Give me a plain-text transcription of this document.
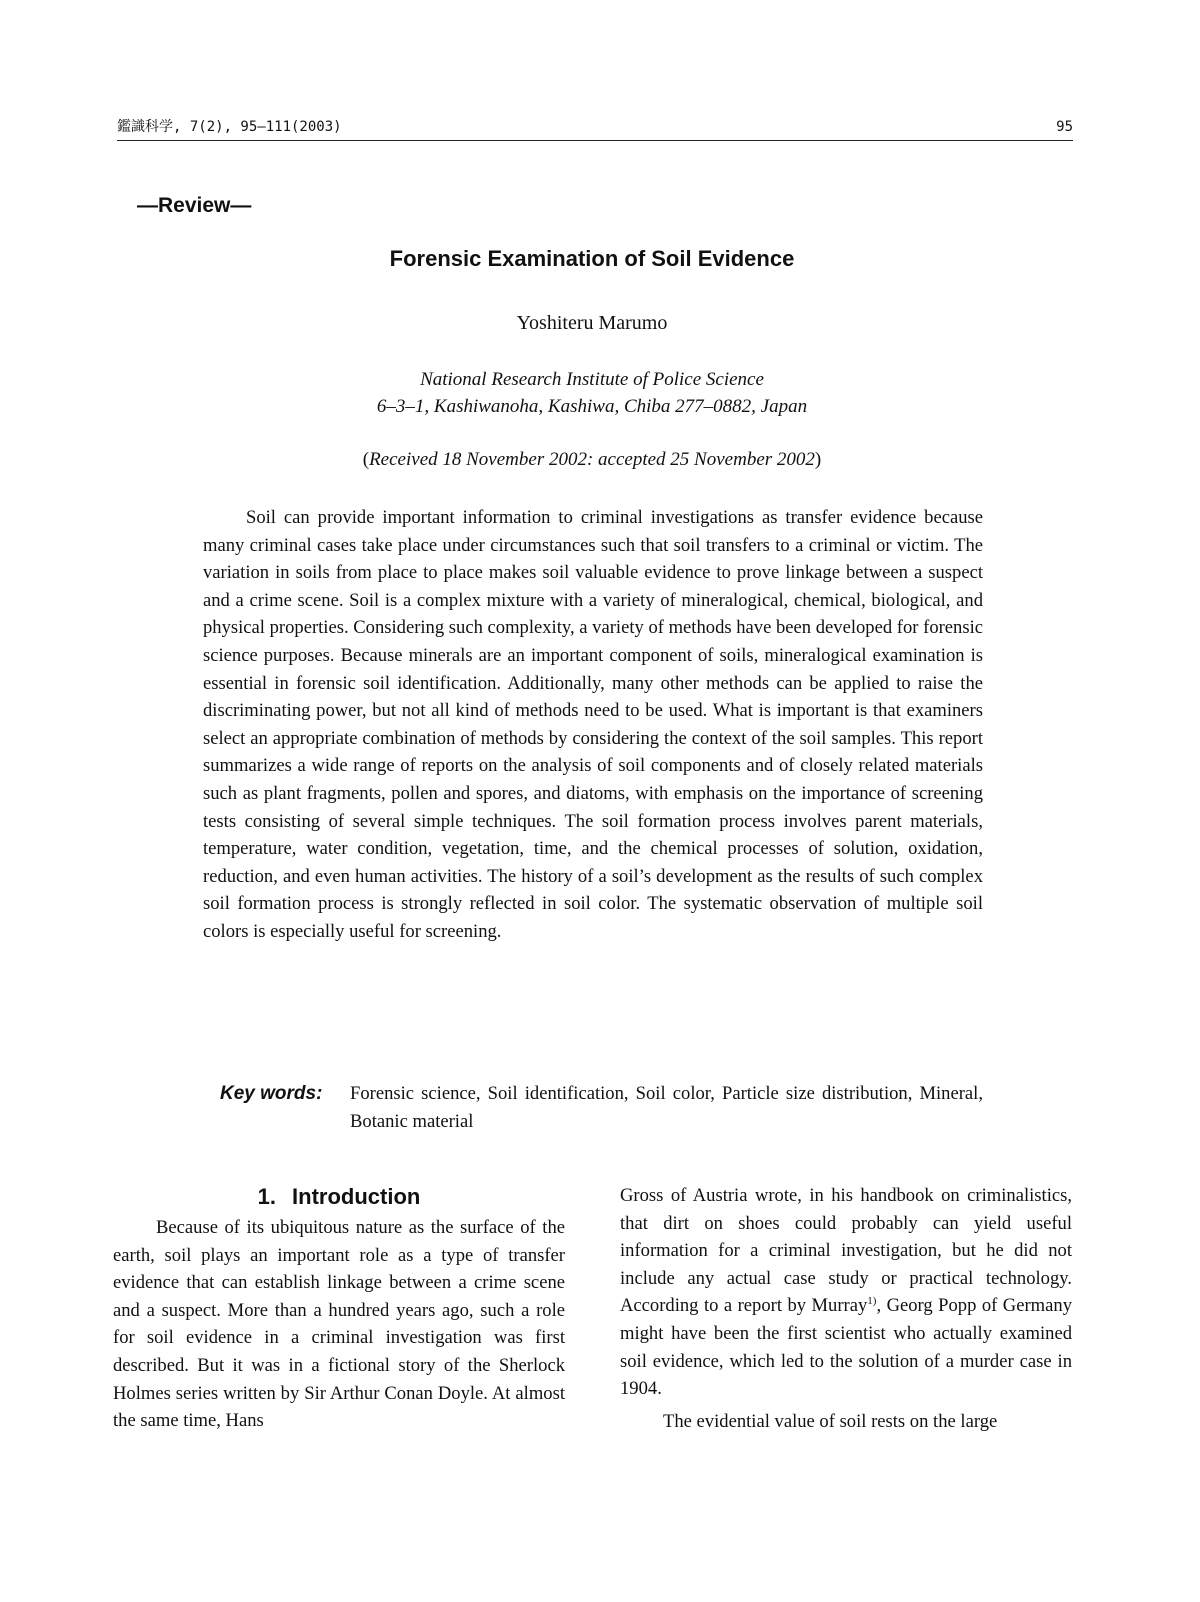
鑑識科学, 7(2), 95—111(2003)	95
—Review—
Forensic Examination of Soil Evidence
Yoshiteru Marumo
National Research Institute of Police Science
6–3–1, Kashiwanoha, Kashiwa, Chiba 277–0882, Japan
(Received 18 November 2002: accepted 25 November 2002)

Soil can provide important information to criminal investigations as transfer evidence because many criminal cases take place under circumstances such that soil transfers to a criminal or victim. The variation in soils from place to place makes soil valuable evidence to prove linkage between a suspect and a crime scene. Soil is a complex mixture with a variety of mineralogical, chemical, biological, and physical properties. Considering such complexity, a variety of methods have been developed for forensic science purposes. Because minerals are an important component of soils, mineralogical examination is essential in forensic soil identification. Additionally, many other methods can be applied to raise the discriminating power, but not all kind of methods need to be used. What is important is that examiners select an appropriate combination of methods by considering the context of the soil samples. This report summarizes a wide range of reports on the analysis of soil components and of closely related materials such as plant fragments, pollen and spores, and diatoms, with emphasis on the importance of screening tests consisting of several simple techniques. The soil formation process involves parent materials, temperature, water condition, vegetation, time, and the chemical processes of solution, oxidation, reduction, and even human activities. The history of a soil’s development as the results of such complex soil formation process is strongly reflected in soil color. The systematic observation of multiple soil colors is especially useful for screening.

Key words:	Forensic science, Soil identification, Soil color, Particle size distribution, Mineral, Botanic material
1. Introduction

Because of its ubiquitous nature as the surface of the earth, soil plays an important role as a type of transfer evidence that can establish linkage between a crime scene and a suspect. More than a hundred years ago, such a role for soil evidence in a criminal investigation was first described. But it was in a fictional story of the Sherlock Holmes series written by Sir Arthur Conan Doyle. At almost the same time, Hans

Gross of Austria wrote, in his handbook on criminalistics, that dirt on shoes could probably can yield useful information for a criminal investigation, but he did not include any actual case study or practical technology. According to a report by Murray$^{1)}$, Georg Popp of Germany might have been the first scientist who actually examined soil evidence, which led to the solution of a murder case in 1904.

The evidential value of soil rests on the large
